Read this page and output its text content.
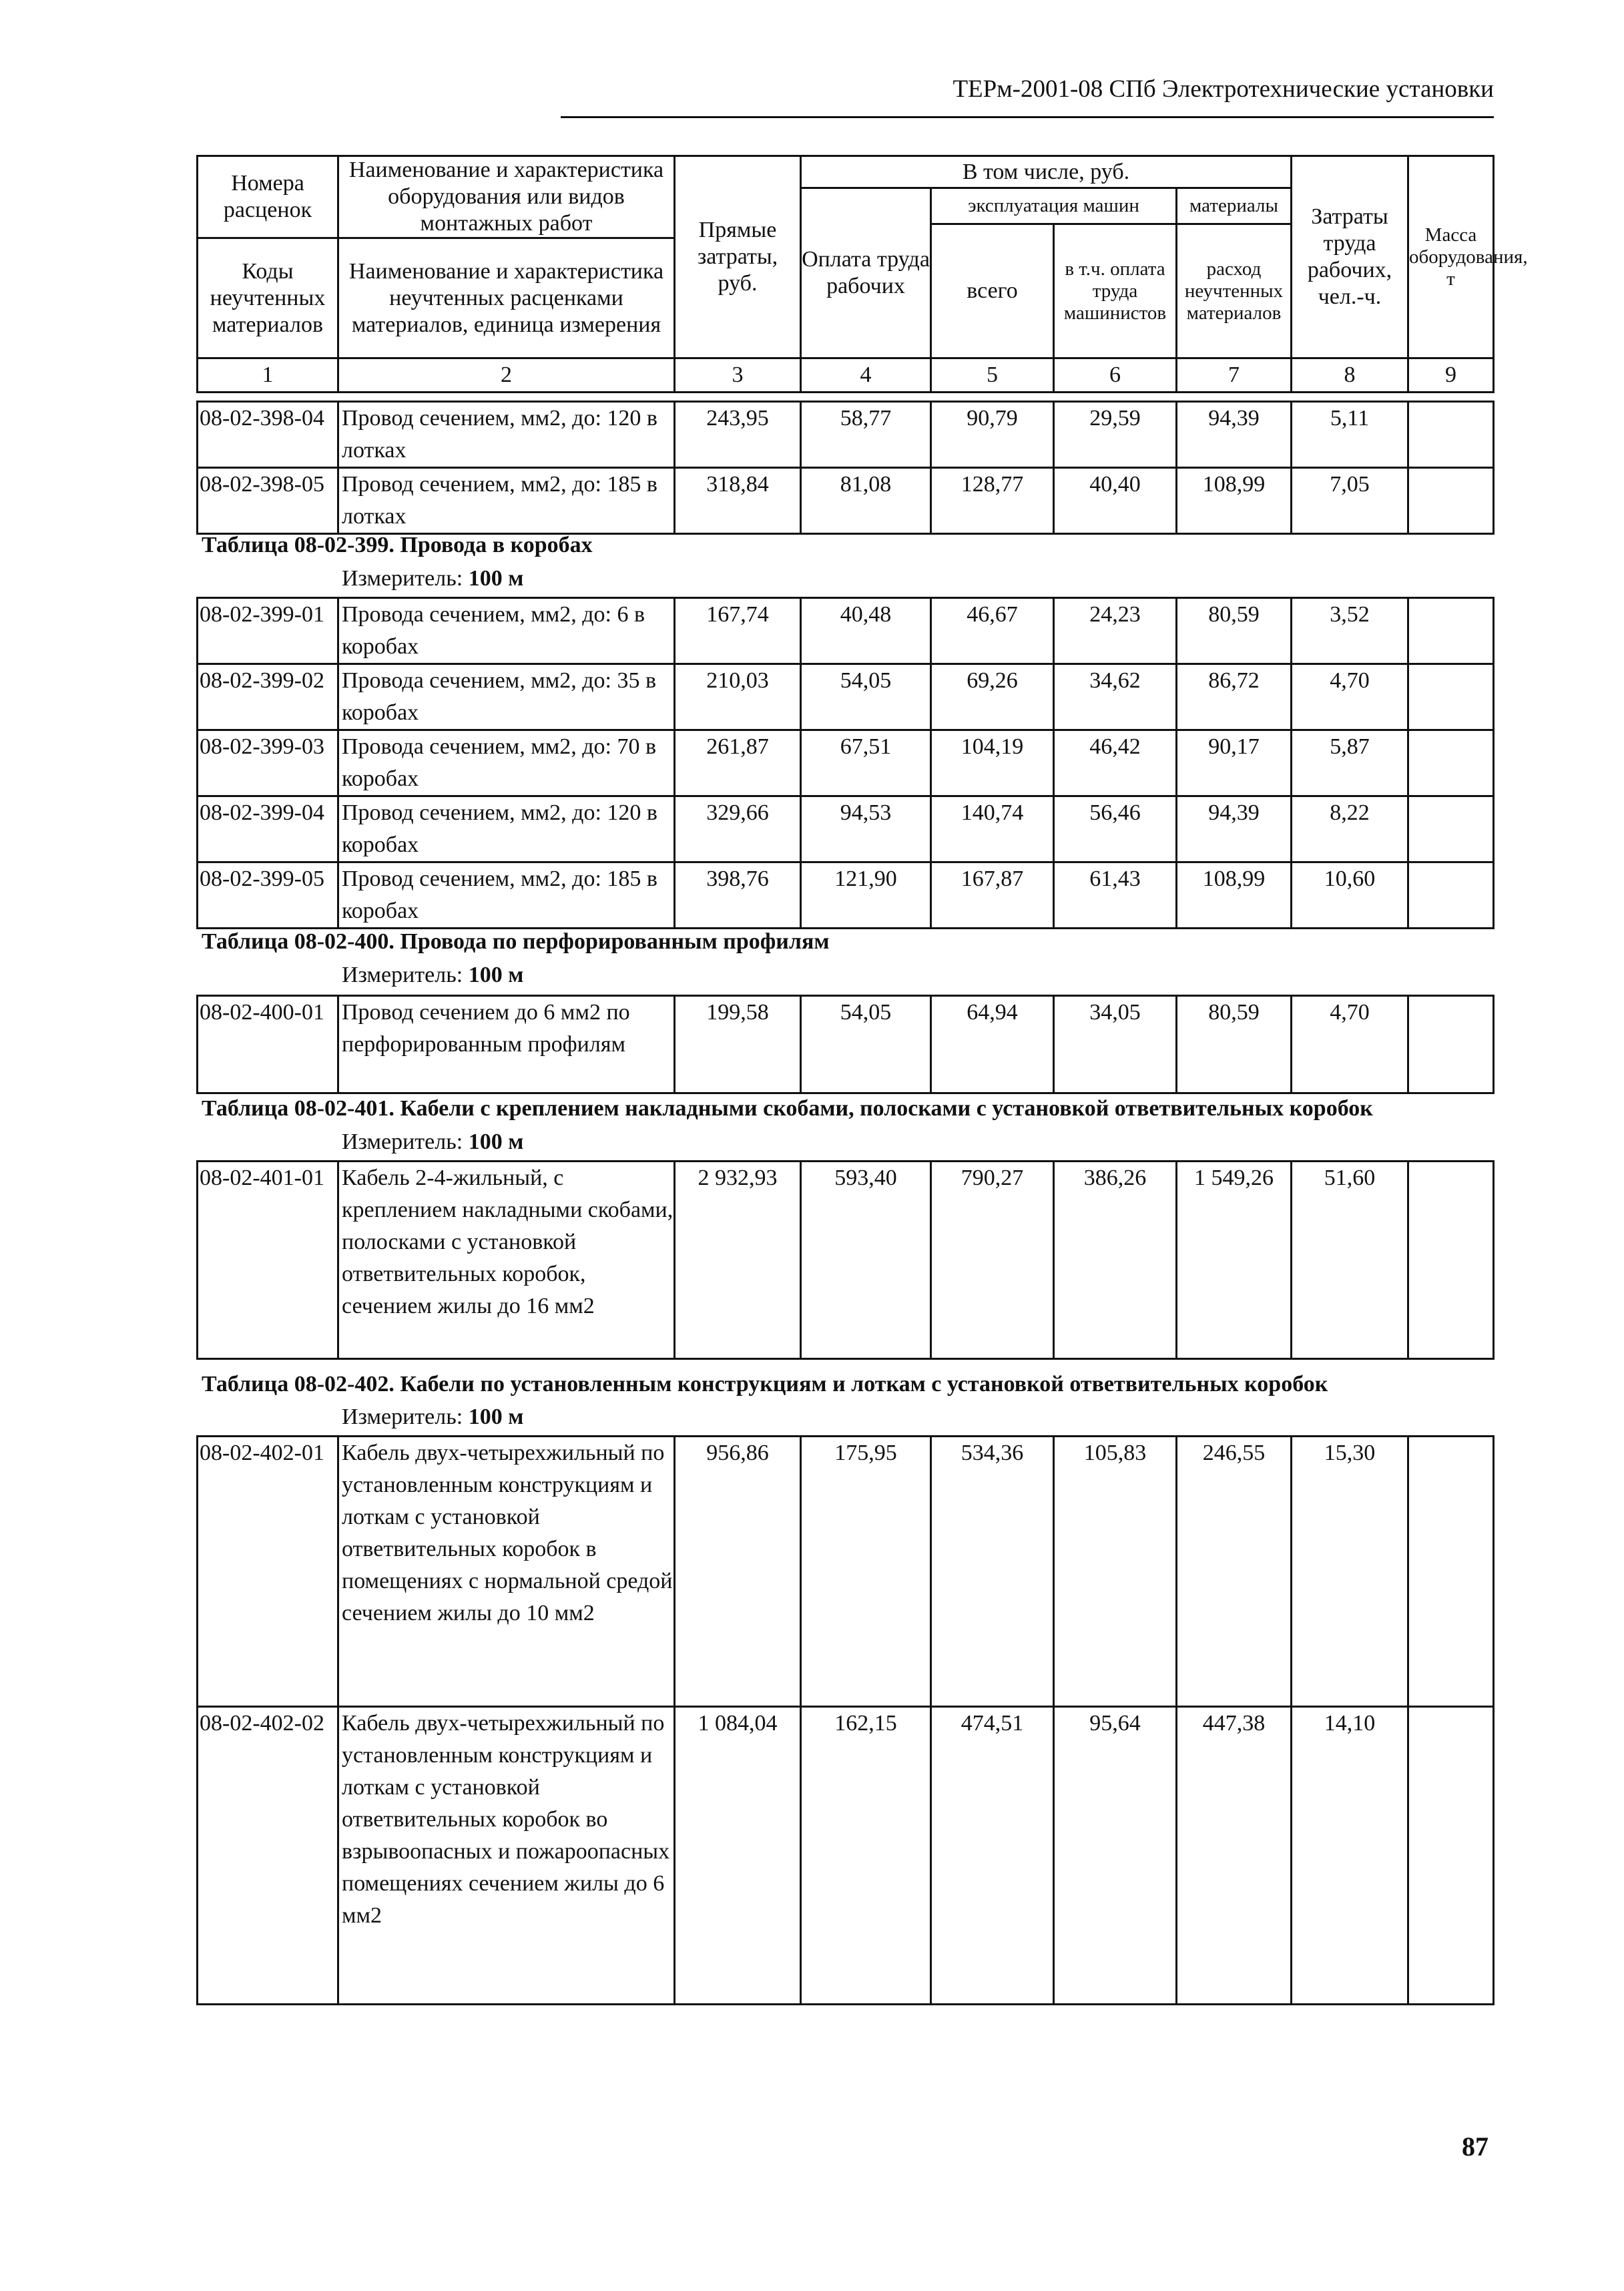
ТЕРм-2001-08 СПб Электротехнические установки
Номера расценок	Наименование и характеристика оборудования или видов монтажных работ	Прямые затраты, руб.	В том числе, руб.				Затраты труда рабочих, чел.-ч.	Масса оборудования, т
			Оплата труда рабочих	эксплуатация машин		материалы		
				всего	в т.ч. оплата труда машинистов	расход неучтенных материалов		
Коды неучтенных материалов	Наименование и характеристика неучтенных расценками материалов, единица измерения							

1	2	3	4	5	6	7	8	9
08-02-398-04	Провод сечением, мм2, до: 120 в лотках	243,95	58,77	90,79	29,59	94,39	5,11	
08-02-398-05	Провод сечением, мм2, до: 185 в лотках	318,84	81,08	128,77	40,40	108,99	7,05	
Таблица 08-02-399. Провода в коробах
Измеритель: 100 м
08-02-399-01	Провода сечением, мм2, до: 6 в коробах	167,74	40,48	46,67	24,23	80,59	3,52	
08-02-399-02	Провода сечением, мм2, до: 35 в коробах	210,03	54,05	69,26	34,62	86,72	4,70	
08-02-399-03	Провода сечением, мм2, до: 70 в коробах	261,87	67,51	104,19	46,42	90,17	5,87	
08-02-399-04	Провод сечением, мм2, до: 120 в коробах	329,66	94,53	140,74	56,46	94,39	8,22	
08-02-399-05	Провод сечением, мм2, до: 185 в коробах	398,76	121,90	167,87	61,43	108,99	10,60	
Таблица 08-02-400. Провода по перфорированным профилям
Измеритель: 100 м
08-02-400-01	Провод сечением до 6 мм2 по перфорированным профилям	199,58	54,05	64,94	34,05	80,59	4,70	
Таблица 08-02-401. Кабели с креплением накладными скобами, полосками с установкой ответвительных коробок
Измеритель: 100 м
08-02-401-01	Кабель 2-4-жильный, с креплением накладными скобами, полосками с установкой ответвительных коробок, сечением жилы до 16 мм2	2 932,93	593,40	790,27	386,26	1 549,26	51,60	
Таблица 08-02-402. Кабели по установленным конструкциям и лоткам с установкой ответвительных коробок
Измеритель: 100 м
08-02-402-01	Кабель двух-четырехжильный по установленным конструкциям и лоткам с установкой ответвительных коробок в помещениях с нормальной средой сечением жилы до 10 мм2	956,86	175,95	534,36	105,83	246,55	15,30	
08-02-402-02	Кабель двух-четырехжильный по установленным конструкциям и лоткам с установкой ответвительных коробок во взрывоопасных и пожароопасных помещениях сечением жилы до 6 мм2	1 084,04	162,15	474,51	95,64	447,38	14,10	
87
